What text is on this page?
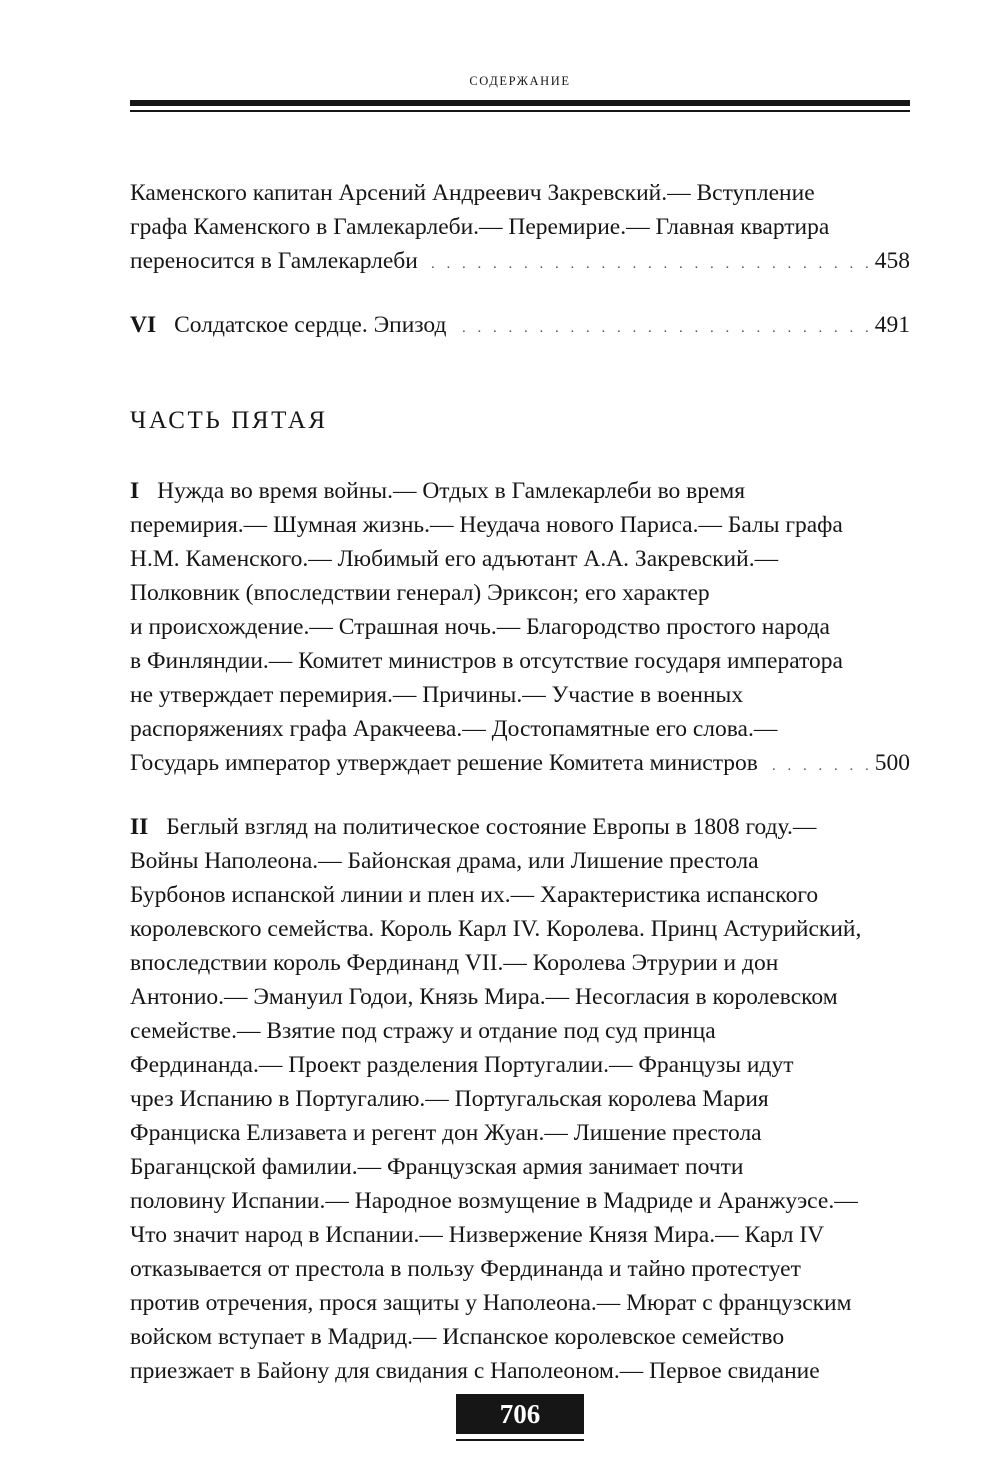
СОДЕРЖАНИЕ
Каменского капитан Арсений Андреевич Закревский.— Вступление
графа Каменского в Гамлекарлеби.— Перемирие.— Главная квартира
переносится в Гамлекарлеби . . .	458
VI Солдатское сердце. Эпизод . . .	491
ЧАСТЬ ПЯТАЯ
I Нужда во время войны.— Отдых в Гамлекарлеби во время
перемирия.— Шумная жизнь.— Неудача нового Париса.— Балы графа
Н.М. Каменского.— Любимый его адъютант А.А. Закревский.—
Полковник (впоследствии генерал) Эриксон; его характер
и происхождение.— Страшная ночь.— Благородство простого народа
в Финляндии.— Комитет министров в отсутствие государя императора
не утверждает перемирия.— Причины.— Участие в военных
распоряжениях графа Аракчеева.— Достопамятные его слова.—
Государь император утверждает решение Комитета министров . . .	500
II Беглый взгляд на политическое состояние Европы в 1808 году.—
Войны Наполеона.— Байонская драма, или Лишение престола
Бурбонов испанской линии и плен их.— Характеристика испанского
королевского семейства. Король Карл IV. Королева. Принц Астурийский,
впоследствии король Фердинанд VII.— Королева Этрурии и дон
Антонио.— Эмануил Годои, Князь Мира.— Несогласия в королевском
семействе.— Взятие под стражу и отдание под суд принца
Фердинанда.— Проект разделения Португалии.— Французы идут
чрез Испанию в Португалию.— Португальская королева Мария
Франциска Елизавета и регент дон Жуан.— Лишение престола
Браганцской фамилии.— Французская армия занимает почти
половину Испании.— Народное возмущение в Мадриде и Аранжуэсе.—
Что значит народ в Испании.— Низвержение Князя Мира.— Карл IV
отказывается от престола в пользу Фердинанда и тайно протестует
против отречения, прося защиты у Наполеона.— Мюрат с французским
войском вступает в Мадрид.— Испанское королевское семейство
приезжает в Байону для свидания с Наполеоном.— Первое свидание
706
